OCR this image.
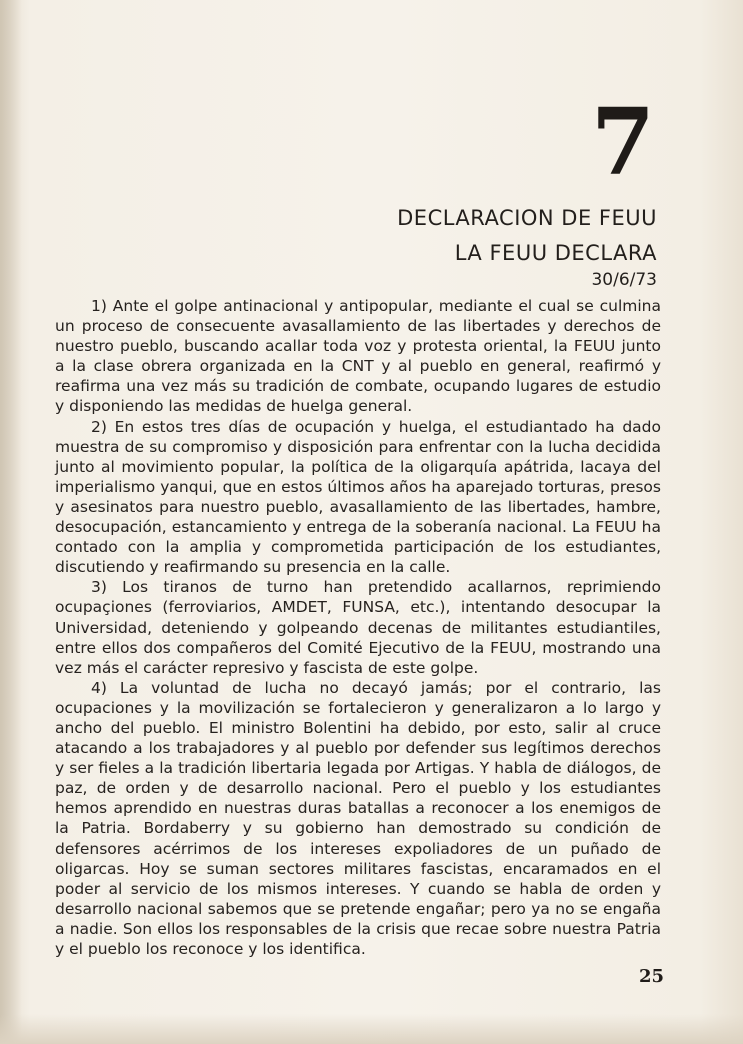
7
DECLARACION DE FEUU
LA FEUU DECLARA
30/6/73

1) Ante el golpe antinacional y antipopular, mediante el cual se culmina un proceso de consecuente avasallamiento de las libertades y derechos de nuestro pueblo, buscando acallar toda voz y protesta oriental, la FEUU junto a la clase obrera organizada en la CNT y al pueblo en general, reafirmó y reafirma una vez más su tradición de combate, ocupando lugares de estudio y disponiendo las medidas de huelga general.

2) En estos tres días de ocupación y huelga, el estudiantado ha dado muestra de su compromiso y disposición para enfrentar con la lucha decidida junto al movimiento popular, la política de la oligarquía apátrida, lacaya del imperialismo yanqui, que en estos últimos años ha aparejado torturas, presos y asesinatos para nuestro pueblo, avasallamiento de las libertades, hambre, desocupación, estancamiento y entrega de la soberanía nacional. La FEUU ha contado con la amplia y comprometida participación de los estudiantes, discutiendo y reafirmando su presencia en la calle.

3) Los tiranos de turno han pretendido acallarnos, reprimiendo ocupaçiones (ferroviarios, AMDET, FUNSA, etc.), intentando desocupar la Universidad, deteniendo y golpeando decenas de militantes estudiantiles, entre ellos dos compañeros del Comité Ejecutivo de la FEUU, mostrando una vez más el carácter represivo y fascista de este golpe.

4) La voluntad de lucha no decayó jamás; por el contrario, las ocupaciones y la movilización se fortalecieron y generalizaron a lo largo y ancho del pueblo. El ministro Bolentini ha debido, por esto, salir al cruce atacando a los trabajadores y al pueblo por defender sus legítimos derechos y ser fieles a la tradición libertaria legada por Artigas. Y habla de diálogos, de paz, de orden y de desarrollo nacional. Pero el pueblo y los estudiantes hemos aprendido en nuestras duras batallas a reconocer a los enemigos de la Patria. Bordaberry y su gobierno han demostrado su condición de defensores acérrimos de los intereses expoliadores de un puñado de oligarcas. Hoy se suman sectores militares fascistas, encaramados en el poder al servicio de los mismos intereses. Y cuando se habla de orden y desarrollo nacional sabemos que se pretende engañar; pero ya no se engaña a nadie. Son ellos los responsables de la crisis que recae sobre nuestra Patria y el pueblo los reconoce y los identifica.

25
